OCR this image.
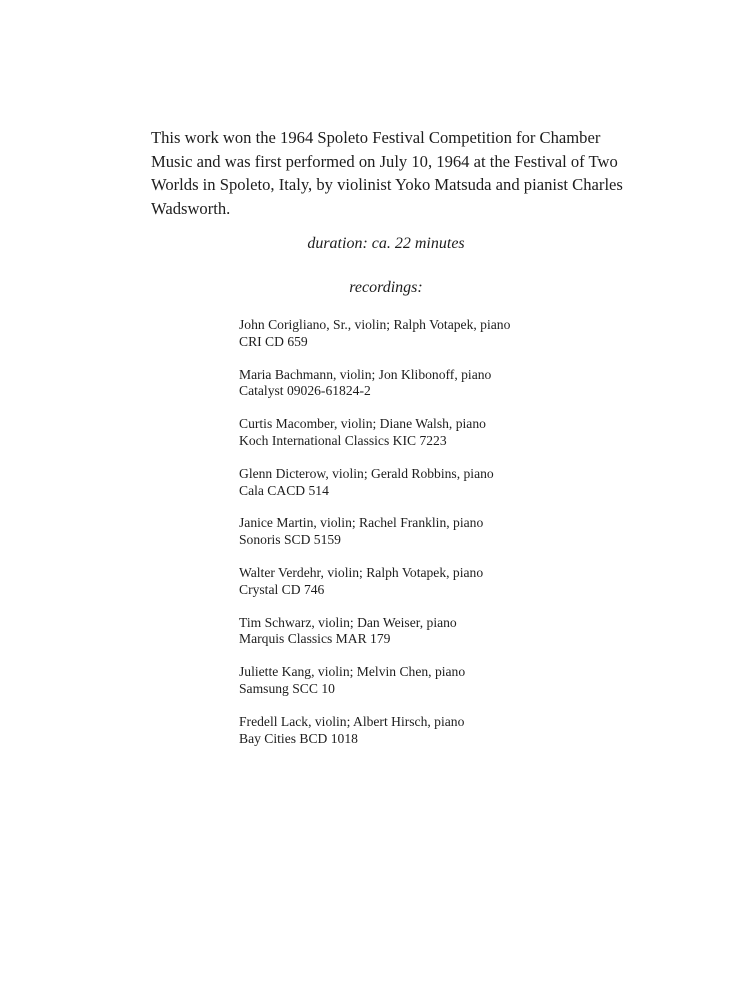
This work won the 1964 Spoleto Festival Competition for Chamber Music and was first performed on July 10, 1964 at the Festival of Two Worlds in Spoleto, Italy, by violinist Yoko Matsuda and pianist Charles Wadsworth.

duration: ca. 22 minutes

recordings:

John Corigliano, Sr., violin; Ralph Votapek, piano
CRI CD 659
Maria Bachmann, violin; Jon Klibonoff, piano
Catalyst 09026-61824-2
Curtis Macomber, violin; Diane Walsh, piano
Koch International Classics KIC 7223
Glenn Dicterow, violin; Gerald Robbins, piano
Cala CACD 514
Janice Martin, violin; Rachel Franklin, piano
Sonoris SCD 5159
Walter Verdehr, violin; Ralph Votapek, piano
Crystal CD 746
Tim Schwarz, violin; Dan Weiser, piano
Marquis Classics MAR 179
Juliette Kang, violin; Melvin Chen, piano
Samsung SCC 10
Fredell Lack, violin; Albert Hirsch, piano
Bay Cities BCD 1018
